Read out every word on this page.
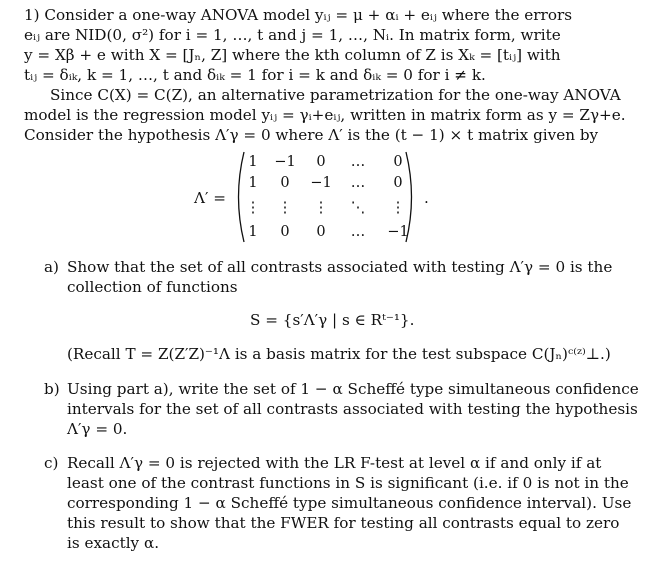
1) Consider a one-way ANOVA model yᵢⱼ = μ + αᵢ + eᵢⱼ where the errors
eᵢⱼ are NID(0, σ²) for i = 1, …, t and j = 1, …, Nᵢ. In matrix form, write
y = Xβ + e with X = [Jₙ, Z] where the kth column of Z is Xₖ = [tᵢⱼ] with
tᵢⱼ = δᵢₖ, k = 1, …, t and δᵢₖ = 1 for i = k and δᵢₖ = 0 for i ≠ k.
Since C(X) = C(Z), an alternative parametrization for the one-way ANOVA
model is the regression model yᵢⱼ = γᵢ+eᵢⱼ, written in matrix form as y = Zγ+e.
Consider the hypothesis Λ′γ = 0 where Λ′ is the (t − 1) × t matrix given by
Λ′ =
1	−1	0	…	0
1	0	−1	…	0
⋮	⋮	⋮	⋱	⋮
1	0	0	…	−1
.
a) Show that the set of all contrasts associated with testing Λ′γ = 0 is the
collection of functions
S = {s′Λ′γ | s ∈ Rᵗ⁻¹}.
(Recall T = Z(Z′Z)⁻¹Λ is a basis matrix for the test subspace C(Jₙ)ᶜ⁽ᶻ⁾⊥.)
b) Using part a), write the set of 1 − α Scheffé type simultaneous confidence
intervals for the set of all contrasts associated with testing the hypothesis
Λ′γ = 0.
c) Recall Λ′γ = 0 is rejected with the LR F-test at level α if and only if at
least one of the contrast functions in S is significant (i.e. if 0 is not in the
corresponding 1 − α Scheffé type simultaneous confidence interval). Use
this result to show that the FWER for testing all contrasts equal to zero
is exactly α.
